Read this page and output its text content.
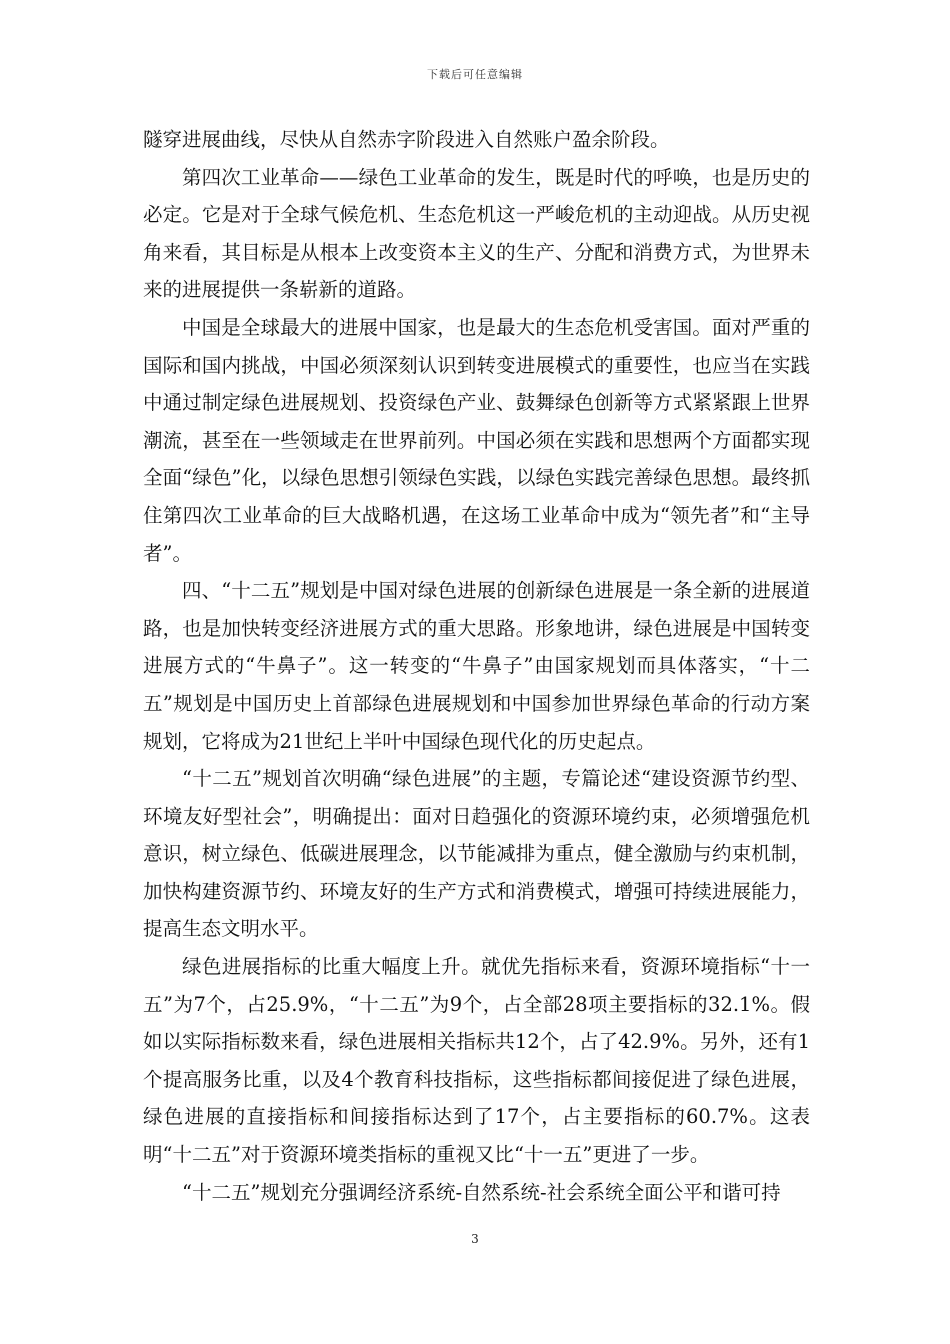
下载后可任意编辑

隧穿进展曲线，尽快从自然赤字阶段进入自然账户盈余阶段。

第四次工业革命——绿色工业革命的发生，既是时代的呼唤，也是历史的必定。它是对于全球气候危机、生态危机这一严峻危机的主动迎战。从历史视角来看，其目标是从根本上改变资本主义的生产、分配和消费方式，为世界未来的进展提供一条崭新的道路。

中国是全球最大的进展中国家，也是最大的生态危机受害国。面对严重的国际和国内挑战，中国必须深刻认识到转变进展模式的重要性，也应当在实践中通过制定绿色进展规划、投资绿色产业、鼓舞绿色创新等方式紧紧跟上世界潮流，甚至在一些领域走在世界前列。中国必须在实践和思想两个方面都实现全面“绿色”化，以绿色思想引领绿色实践，以绿色实践完善绿色思想。最终抓住第四次工业革命的巨大战略机遇，在这场工业革命中成为“领先者”和“主导者”。

四、“十二五”规划是中国对绿色进展的创新绿色进展是一条全新的进展道路，也是加快转变经济进展方式的重大思路。形象地讲，绿色进展是中国转变进展方式的“牛鼻子”。这一转变的“牛鼻子”由国家规划而具体落实，“十二五”规划是中国历史上首部绿色进展规划和中国参加世界绿色革命的行动方案规划，它将成为21世纪上半叶中国绿色现代化的历史起点。

“十二五”规划首次明确“绿色进展”的主题，专篇论述“建设资源节约型、环境友好型社会”，明确提出：面对日趋强化的资源环境约束，必须增强危机意识，树立绿色、低碳进展理念，以节能减排为重点，健全激励与约束机制，加快构建资源节约、环境友好的生产方式和消费模式，增强可持续进展能力，提高生态文明水平。

绿色进展指标的比重大幅度上升。就优先指标来看，资源环境指标“十一五”为7个，占25.9%，“十二五”为9个，占全部28项主要指标的32.1%。假如以实际指标数来看，绿色进展相关指标共12个，占了42.9%。另外，还有1个提高服务比重，以及4个教育科技指标，这些指标都间接促进了绿色进展，绿色进展的直接指标和间接指标达到了17个，占主要指标的60.7%。这表明“十二五”对于资源环境类指标的重视又比“十一五”更进了一步。

“十二五”规划充分强调经济系统-自然系统-社会系统全面公平和谐可持

3
